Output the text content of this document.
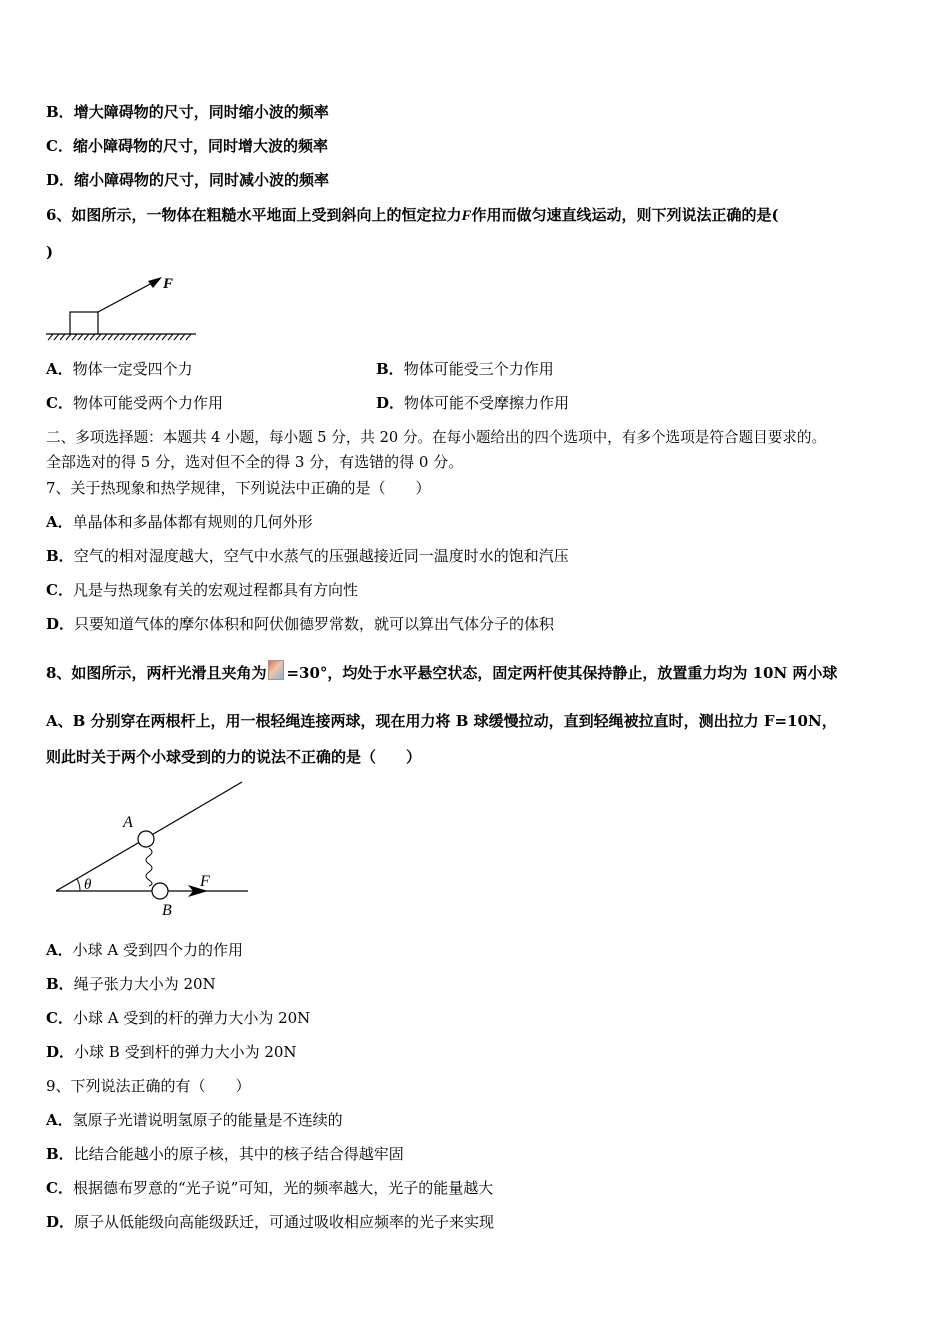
B．增大障碍物的尺寸，同时缩小波的频率
C．缩小障碍物的尺寸，同时增大波的频率
D．缩小障碍物的尺寸，同时减小波的频率
6、如图所示，一物体在粗糙水平地面上受到斜向上的恒定拉力F作用而做匀速直线运动，则下列说法正确的是(
)
F
A．物体一定受四个力	B．物体可能受三个力作用
C．物体可能受两个力作用	D．物体可能不受摩擦力作用
二、多项选择题：本题共 4 小题，每小题 5 分，共 20 分。在每小题给出的四个选项中，有多个选项是符合题目要求的。
全部选对的得 5 分，选对但不全的得 3 分，有选错的得 0 分。
7、关于热现象和热学规律，下列说法中正确的是（　　）
A．单晶体和多晶体都有规则的几何外形
B．空气的相对湿度越大，空气中水蒸气的压强越接近同一温度时水的饱和汽压
C．凡是与热现象有关的宏观过程都具有方向性
D．只要知道气体的摩尔体积和阿伏伽德罗常数，就可以算出气体分子的体积
8、如图所示，两杆光滑且夹角为 =30°，均处于水平悬空状态，固定两杆使其保持静止，放置重力均为 10N 两小球
A、B 分别穿在两根杆上，用一根轻绳连接两球，现在用力将 B 球缓慢拉动，直到轻绳被拉直时，测出拉力 F=10N，
则此时关于两个小球受到的力的说法不正确的是（　　）
θ
A
B
F
A．小球 A 受到四个力的作用
B．绳子张力大小为 20N
C．小球 A 受到的杆的弹力大小为 20N
D．小球 B 受到杆的弹力大小为 20N
9、下列说法正确的有（　　）
A．氢原子光谱说明氢原子的能量是不连续的
B．比结合能越小的原子核，其中的核子结合得越牢固
C．根据德布罗意的“光子说”可知，光的频率越大，光子的能量越大
D．原子从低能级向高能级跃迁，可通过吸收相应频率的光子来实现
